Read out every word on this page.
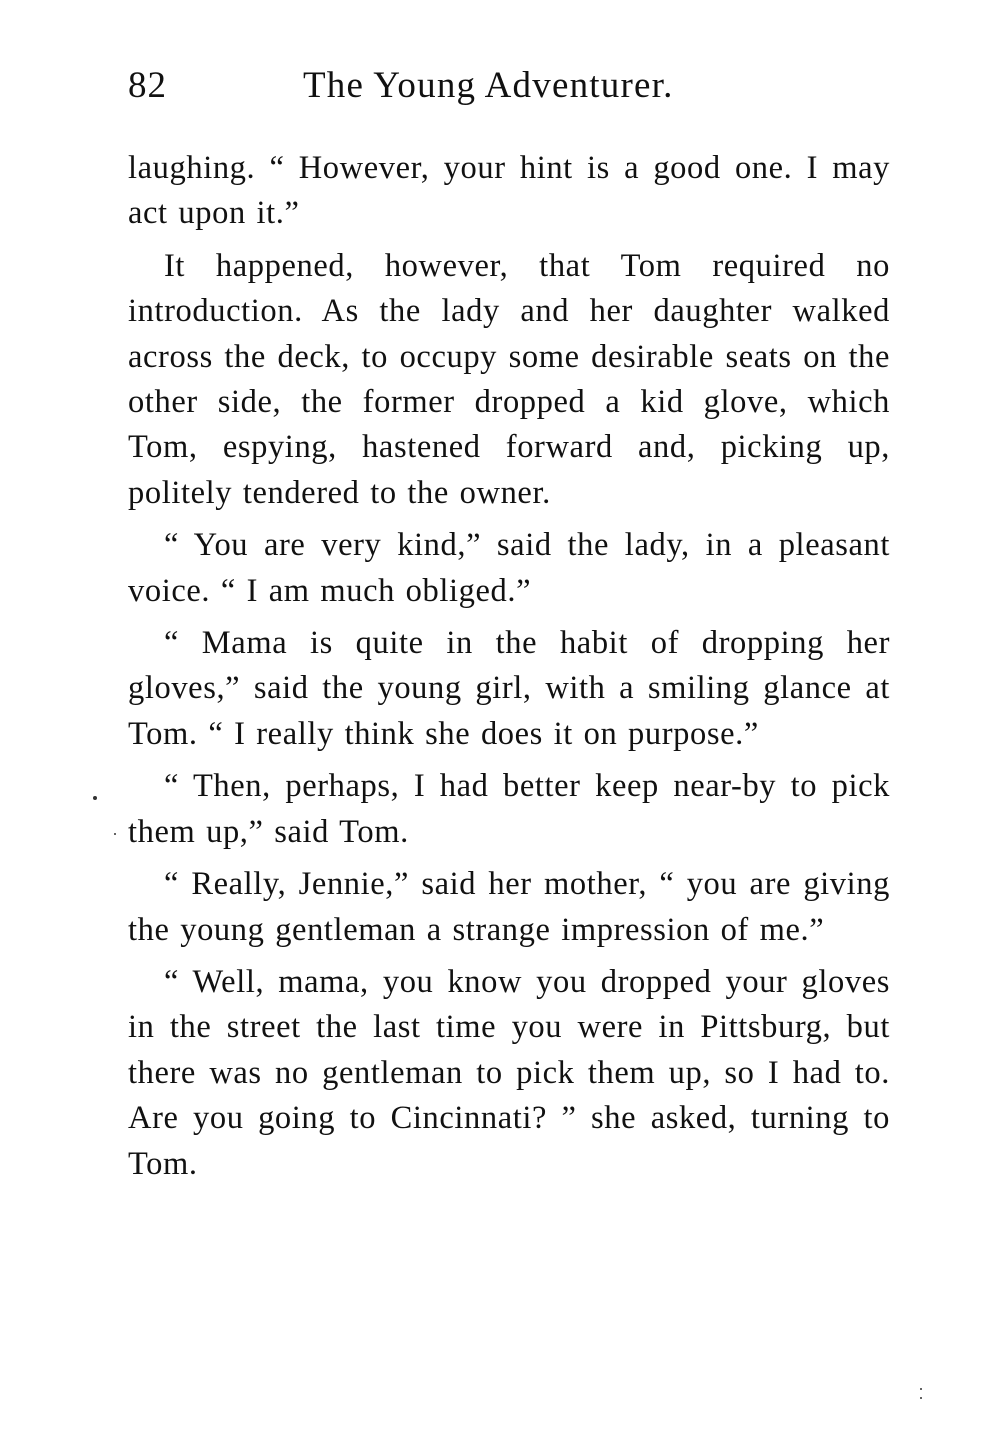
82	The Young Adventurer.

laughing. “ However, your hint is a good one. I may act upon it.”

It happened, however, that Tom required no introduction. As the lady and her daughter walked across the deck, to occupy some desirable seats on the other side, the former dropped a kid glove, which Tom, espying, hastened forward and, picking up, politely tendered to the owner.

“ You are very kind,” said the lady, in a pleasant voice. “ I am much obliged.”

“ Mama is quite in the habit of dropping her gloves,” said the young girl, with a smiling glance at Tom. “ I really think she does it on purpose.”

“ Then, perhaps, I had better keep near-by to pick them up,” said Tom.

“ Really, Jennie,” said her mother, “ you are giving the young gentleman a strange impression of me.”

“ Well, mama, you know you dropped your gloves in the street the last time you were in Pittsburg, but there was no gentleman to pick them up, so I had to. Are you going to Cincinnati? ” she asked, turning to Tom.
